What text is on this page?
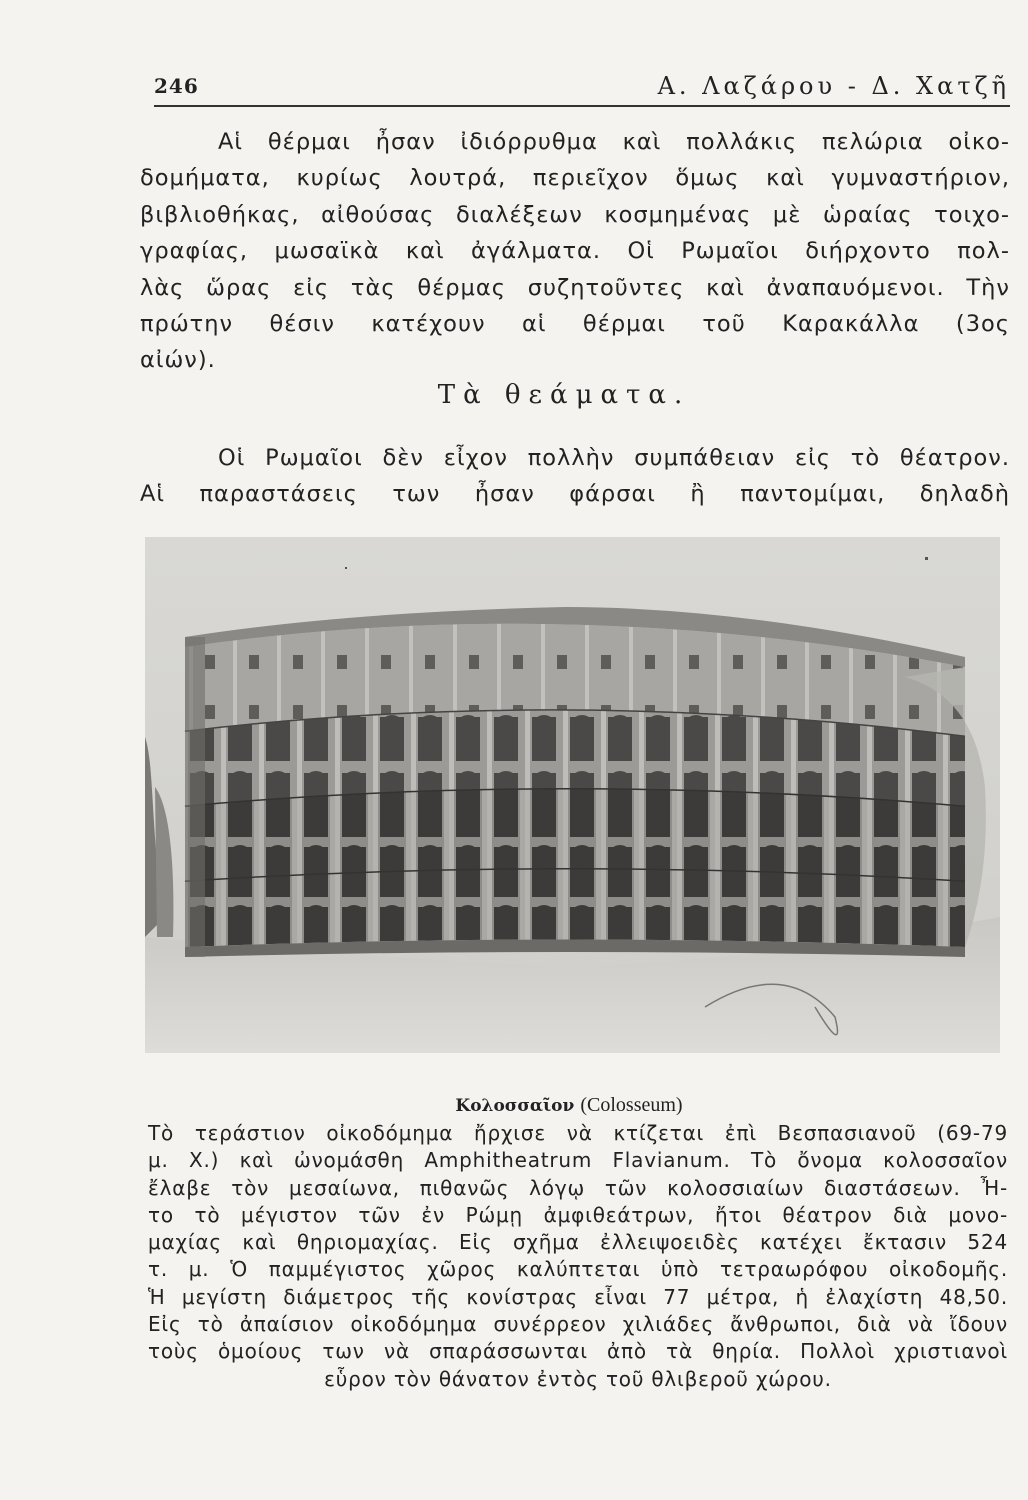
246	Α. Λαζάρου - Δ. Χατζῆ
Αἱ θέρμαι ἦσαν ἰδιόρρυθμα καὶ πολλάκις πελώρια οἰκο-
δομήματα, κυρίως λουτρά, περιεῖχον ὅμως καὶ γυμναστήριον,
βιβλιοθήκας, αἰθούσας διαλέξεων κοσμημένας μὲ ὡραίας τοιχο-
γραφίας, μωσαϊκὰ καὶ ἀγάλματα. Οἱ Ρωμαῖοι διήρχοντο πολ-
λὰς ὥρας εἰς τὰς θέρμας συζητοῦντες καὶ ἀναπαυόμενοι. Τὴν
πρώτην θέσιν κατέχουν αἱ θέρμαι τοῦ Καρακάλλα (3ος
αἰών).
Τὰ θεάματα.
Οἱ Ρωμαῖοι δὲν εἶχον πολλὴν συμπάθειαν εἰς τὸ θέατρον.
Αἱ παραστάσεις των ἦσαν φάρσαι ἢ παντομίμαι, δηλαδὴ
Κολοσσαῖον (Colosseum)
Τὸ τεράστιον οἰκοδόμημα ἤρχισε νὰ κτίζεται ἐπὶ Βεσπασιανοῦ (69-79
μ. Χ.) καὶ ὠνομάσθη Amphitheatrum Flavianum. Τὸ ὄνομα κολοσσαῖον
ἔλαβε τὸν μεσαίωνα, πιθανῶς λόγῳ τῶν κολοσσιαίων διαστάσεων. Ἦ-
το τὸ μέγιστον τῶν ἐν Ρώμῃ ἀμφιθεάτρων, ἤτοι θέατρον διὰ μονο-
μαχίας καὶ θηριομαχίας. Εἰς σχῆμα ἐλλειψοειδὲς κατέχει ἔκτασιν 524
τ. μ. Ὁ παμμέγιστος χῶρος καλύπτεται ὑπὸ τετραωρόφου οἰκοδομῆς.
Ἡ μεγίστη διάμετρος τῆς κονίστρας εἶναι 77 μέτρα, ἡ ἐλαχίστη 48,50.
Εἰς τὸ ἀπαίσιον οἰκοδόμημα συνέρρεον χιλιάδες ἄνθρωποι, διὰ νὰ ἴδουν
τοὺς ὁμοίους των νὰ σπαράσσωνται ἀπὸ τὰ θηρία. Πολλοὶ χριστιανοὶ
εὗρον τὸν θάνατον ἐντὸς τοῦ θλιβεροῦ χώρου.
